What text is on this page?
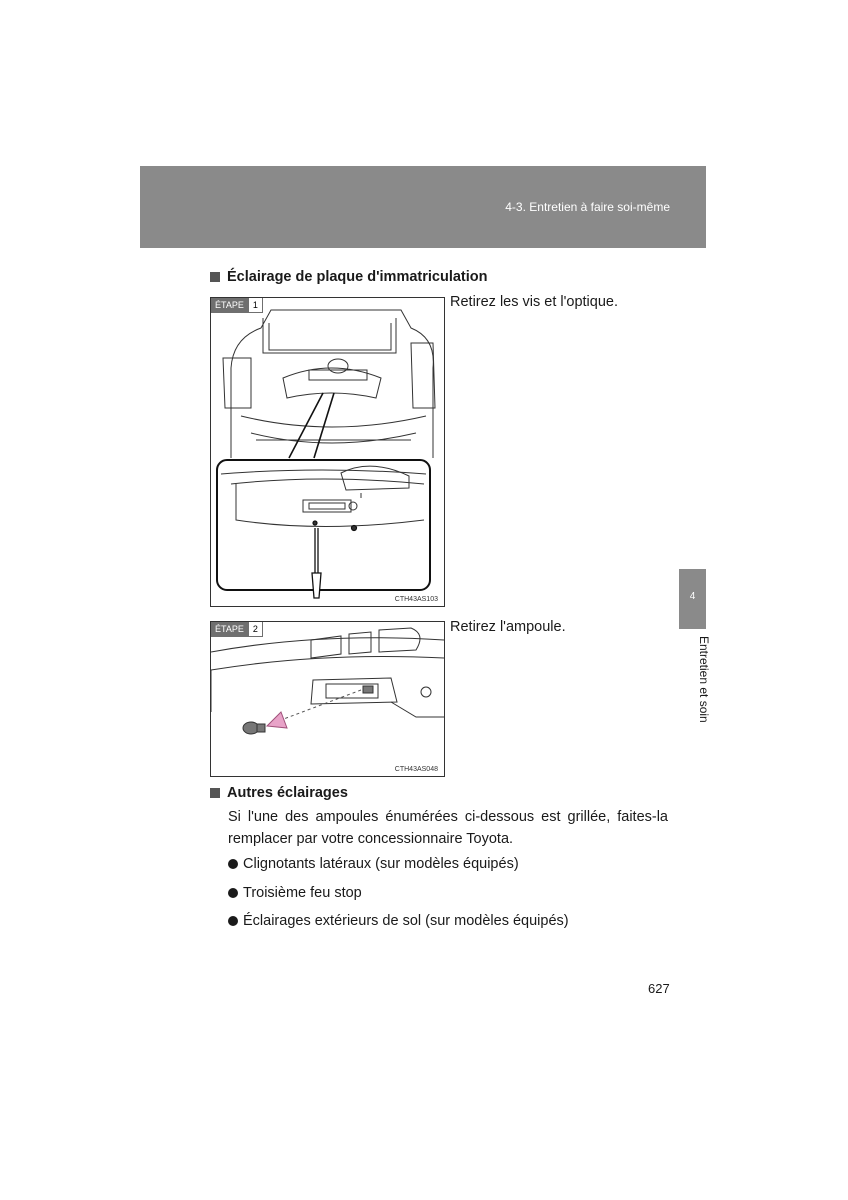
4-3. Entretien à faire soi-même
4
Entretien et soin
Éclairage de plaque d'immatriculation
ÉTAPE	1
CTH43AS103
Retirez les vis et l'optique.
ÉTAPE	2
CTH43AS048
Retirez l'ampoule.
Autres éclairages
Si l'une des ampoules énumérées ci-dessous est grillée, faites-la remplacer par votre concessionnaire Toyota.
Clignotants latéraux (sur modèles équipés)
Troisième feu stop
Éclairages extérieurs de sol (sur modèles équipés)
627
